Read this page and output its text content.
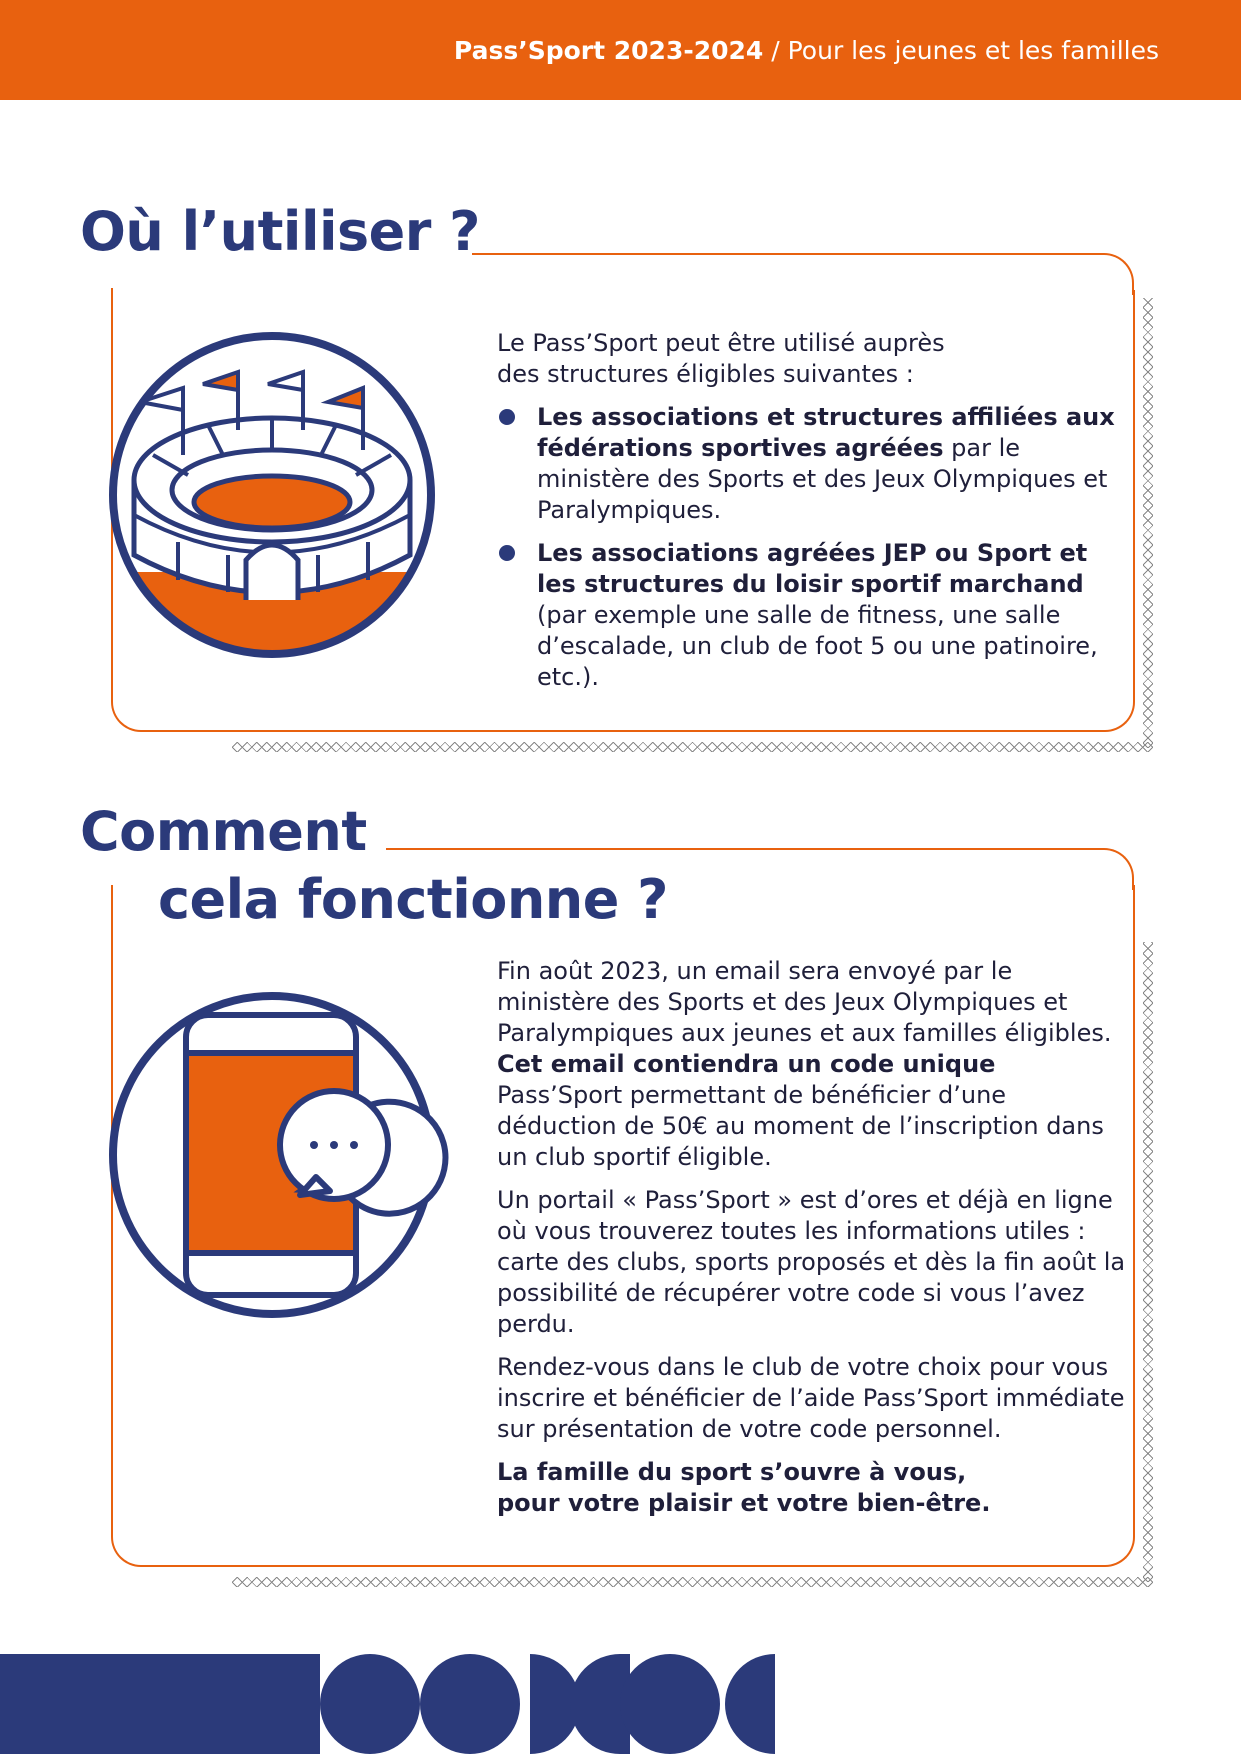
Pass’Sport 2023-2024 / Pour les jeunes et les familles
Où l’utiliser ?

Le Pass’Sport peut être utilisé auprès
des structures éligibles suivantes :

Les associations et structures affiliées aux fédérations sportives agréées par le ministère des Sports et des Jeux Olympiques et Paralympiques.
Les associations agréées JEP ou Sport et les structures du loisir sportif marchand (par exemple une salle de fitness, une salle d’escalade, un club de foot 5 ou une patinoire, etc.).
Comment
cela fonctionne ?

Fin août 2023, un email sera envoyé par le ministère des Sports et des Jeux Olympiques et Paralympiques aux jeunes et aux familles éligibles. Cet email contiendra un code unique Pass’Sport permettant de bénéficier d’une déduction de 50€ au moment de l’inscription dans un club sportif éligible.

Un portail « Pass’Sport » est d’ores et déjà en ligne où vous trouverez toutes les informations utiles : carte des clubs, sports proposés et dès la fin août la possibilité de récupérer votre code si vous l’avez perdu.

Rendez-vous dans le club de votre choix pour vous inscrire et bénéficier de l’aide Pass’Sport immédiate sur présentation de votre code personnel.

La famille du sport s’ouvre à vous,
pour votre plaisir et votre bien-être.
